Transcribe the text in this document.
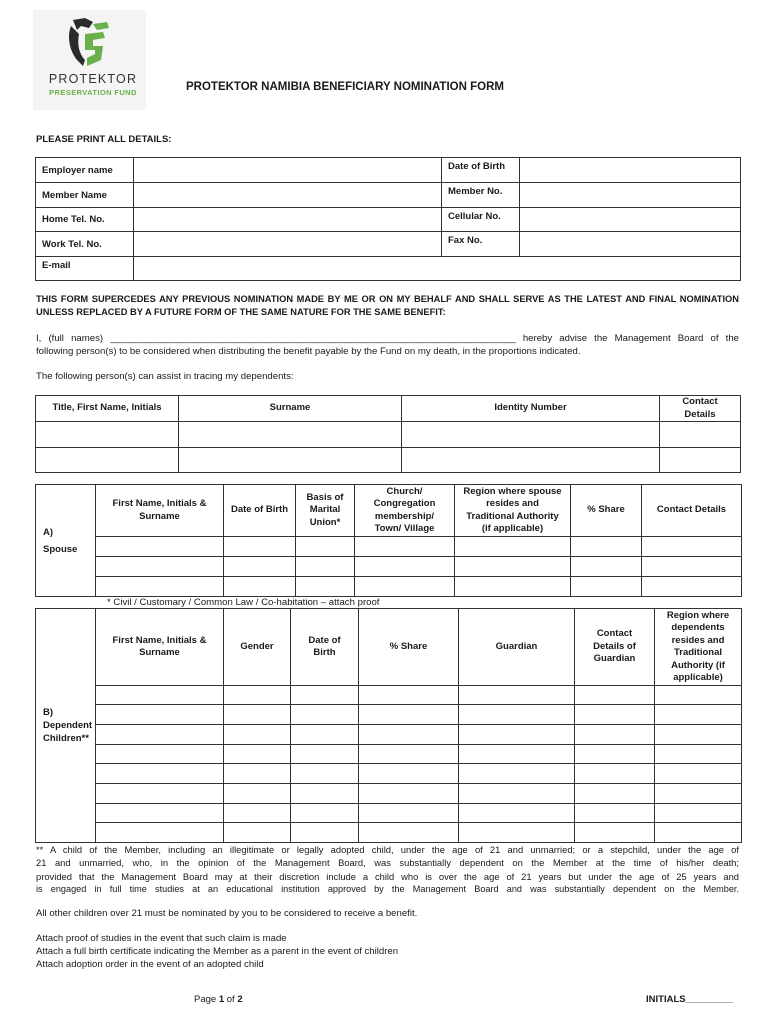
PROTEKTOR
PRESERVATION FUND	PROTEKTOR NAMIBIA BENEFICIARY NOMINATION FORM
PLEASE PRINT ALL DETAILS:
Employer name		Date of Birth	
Member Name		Member No.	
Home Tel. No.		Cellular No.	
Work Tel. No.		Fax No.	
E-mail			
THIS FORM SUPERCEDES ANY PREVIOUS NOMINATION MADE BY ME OR ON MY BEHALF AND SHALL SERVE AS THE LATEST AND FINAL NOMINATION
UNLESS REPLACED BY A FUTURE FORM OF THE SAME NATURE FOR THE SAME BENEFIT:
I, (full names) ____________________________________________________________________________ hereby advise the Management Board of the
following person(s) to be considered when distributing the benefit payable by the Fund on my death, in the proportions indicated.
The following person(s) can assist in tracing my dependents:
Title, First Name, Initials	Surname	Identity Number	Contact Details

A)
Spouse	First Name, Initials & Surname	Date of Birth	Basis of Marital Union*	Church/ Congregation membership/ Town/ Village	Region where spouse resides and Traditional Authority (if applicable)	% Share	Contact Details

* Civil / Customary / Common Law / Co-habitation – attach proof
B)
Dependent
Children**	First Name, Initials & Surname	Gender	Date of Birth	% Share	Guardian	Contact Details of Guardian	Region where dependents resides and Traditional Authority (if applicable)

** A child of the Member, including an illegitimate or legally adopted child, under the age of 21 and unmarried; or a stepchild, under the age of
21 and unmarried, who, in the opinion of the Management Board, was substantially dependent on the Member at the time of his/her death;
provided that the Management Board may at their discretion include a child who is over the age of 21 years but under the age of 25 years and
is engaged in full time studies at an educational institution approved by the Management Board and was substantially dependent on the Member.
All other children over 21 must be nominated by you to be considered to receive a benefit.
Attach proof of studies in the event that such claim is made
Attach a full birth certificate indicating the Member as a parent in the event of children
Attach adoption order in the event of an adopted child
Page 1 of 2	INITIALS_________
